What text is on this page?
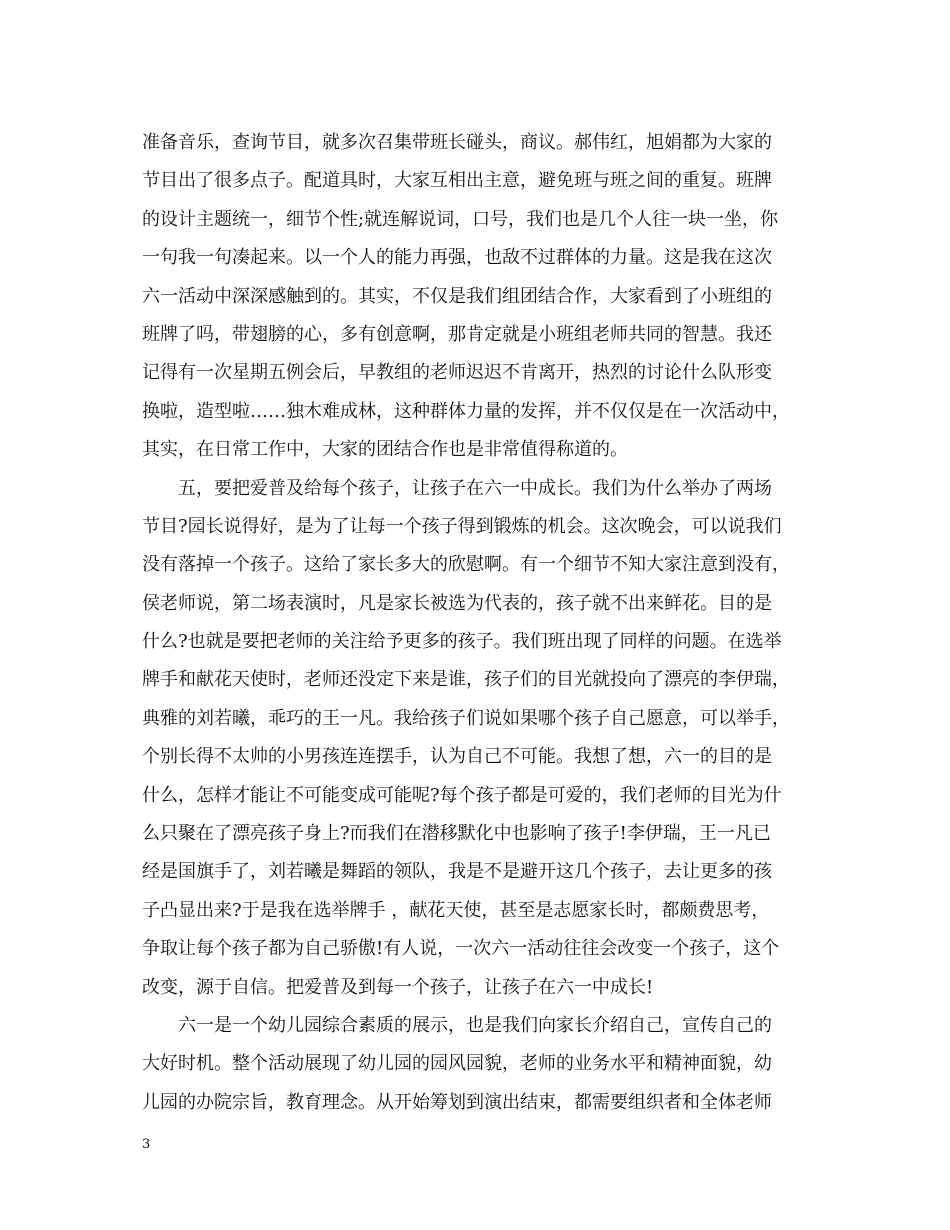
准备音乐，查询节目，就多次召集带班长碰头，商议。郝伟红，旭娟都为大家的
节目出了很多点子。配道具时，大家互相出主意，避免班与班之间的重复。班牌
的设计主题统一，细节个性;就连解说词，口号，我们也是几个人往一块一坐，你
一句我一句凑起来。以一个人的能力再强，也敌不过群体的力量。这是我在这次
六一活动中深深感触到的。其实，不仅是我们组团结合作，大家看到了小班组的
班牌了吗，带翅膀的心，多有创意啊，那肯定就是小班组老师共同的智慧。我还
记得有一次星期五例会后，早教组的老师迟迟不肯离开，热烈的讨论什么队形变
换啦，造型啦……独木难成林，这种群体力量的发挥，并不仅仅是在一次活动中，
其实，在日常工作中，大家的团结合作也是非常值得称道的。
五，要把爱普及给每个孩子，让孩子在六一中成长。我们为什么举办了两场
节目?园长说得好，是为了让每一个孩子得到锻炼的机会。这次晚会，可以说我们
没有落掉一个孩子。这给了家长多大的欣慰啊。有一个细节不知大家注意到没有，
侯老师说，第二场表演时，凡是家长被选为代表的，孩子就不出来鲜花。目的是
什么?也就是要把老师的关注给予更多的孩子。我们班出现了同样的问题。在选举
牌手和献花天使时，老师还没定下来是谁，孩子们的目光就投向了漂亮的李伊瑞，
典雅的刘若曦，乖巧的王一凡。我给孩子们说如果哪个孩子自己愿意，可以举手，
个别长得不太帅的小男孩连连摆手，认为自己不可能。我想了想，六一的目的是
什么，怎样才能让不可能变成可能呢?每个孩子都是可爱的，我们老师的目光为什
么只聚在了漂亮孩子身上?而我们在潜移默化中也影响了孩子!李伊瑞，王一凡已
经是国旗手了，刘若曦是舞蹈的领队，我是不是避开这几个孩子，去让更多的孩
子凸显出来?于是我在选举牌手 ，献花天使，甚至是志愿家长时，都颇费思考，
争取让每个孩子都为自己骄傲!有人说，一次六一活动往往会改变一个孩子，这个
改变，源于自信。把爱普及到每一个孩子，让孩子在六一中成长!
六一是一个幼儿园综合素质的展示，也是我们向家长介绍自己，宣传自己的
大好时机。整个活动展现了幼儿园的园风园貌，老师的业务水平和精神面貌，幼
儿园的办院宗旨，教育理念。从开始筹划到演出结束，都需要组织者和全体老师
3
